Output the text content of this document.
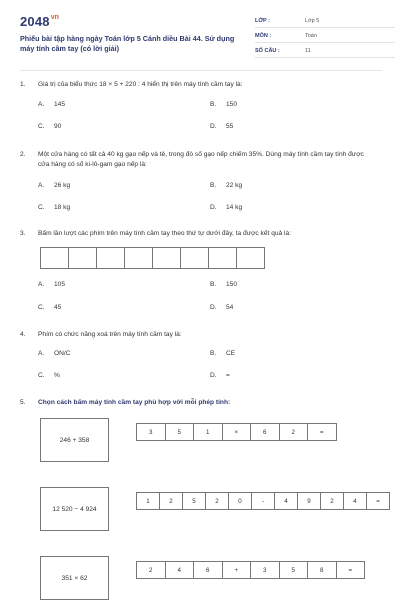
$2048^{vn}$
Phiếu bài tập hàng ngày Toán lớp 5 Cánh diều Bài 44. Sử dụng máy tính cầm tay (có lời giải)
LỚP :	Lớp 5
MÔN :	Toán
SỐ CÂU :	11
1. Giá trị của biểu thức 18 × 5 + 220 : 4 hiển thị trên máy tính cầm tay là:
A . 145	B . 150
C . 90	D . 55
2. Một cửa hàng có tất cả 40 kg gạo nếp và tẻ, trong đó số gạo nếp chiếm 35%. Dùng máy tính cầm tay tính được cửa hàng có số ki-lô-gam gạo nếp là:
A . 26 kg	B . 22 kg
C . 18 kg	D . 14 kg
3. Bấm lần lượt các phím trên máy tính cầm tay theo thứ tự dưới đây, ta được kết quả là:
A . 105	B . 150
C . 45	D . 54
4. Phím có chức năng xoá trên máy tính cầm tay là:
A . ON/C	B . CE
C . %	D . =
5. Chọn cách bấm máy tính cầm tay phù hợp với mỗi phép tính:
246 + 358
3	5	1	×	6	2	=
12 520 − 4 924
1	2	5	2	0	-	4	9	2	4	=
351 × 62
2	4	6	+	3	5	8	=
